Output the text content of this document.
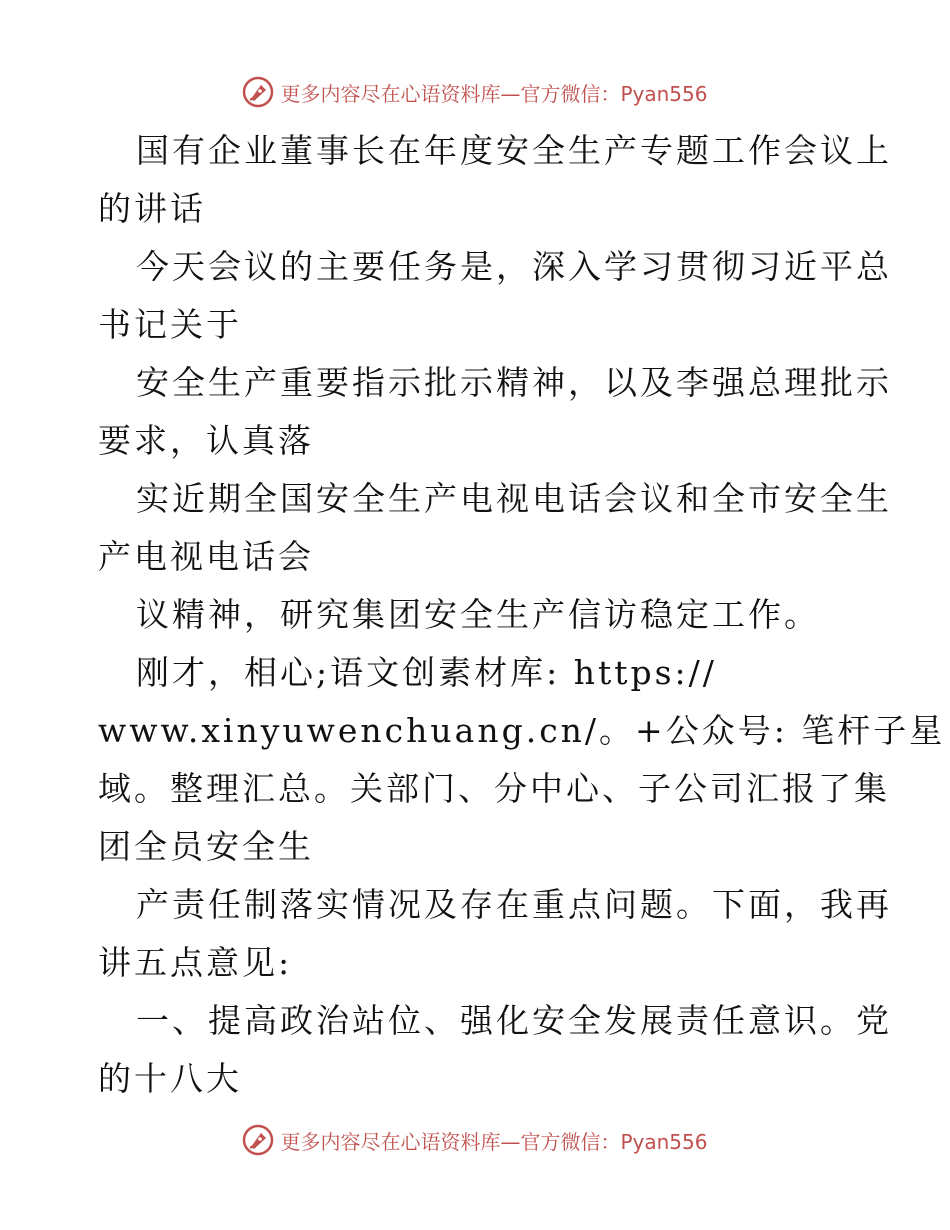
更多内容尽在心语资料库—官方微信：Pyan556

国有企业董事长在年度安全生产专题工作会议上

的讲话

今天会议的主要任务是，深入学习贯彻习近平总

书记关于

安全生产重要指示批示精神，以及李强总理批示

要求，认真落

实近期全国安全生产电视电话会议和全市安全生

产电视电话会

议精神，研究集团安全生产信访稳定工作。

刚才，相心;语文创素材库: https://

www.xinyuwenchuang.cn/。+公众号: 笔杆子星

域。整理汇总。关部门、分中心、子公司汇报了集

团全员安全生

产责任制落实情况及存在重点问题。下面，我再

讲五点意见:

一、提高政治站位、强化安全发展责任意识。党

的十八大

更多内容尽在心语资料库—官方微信：Pyan556
